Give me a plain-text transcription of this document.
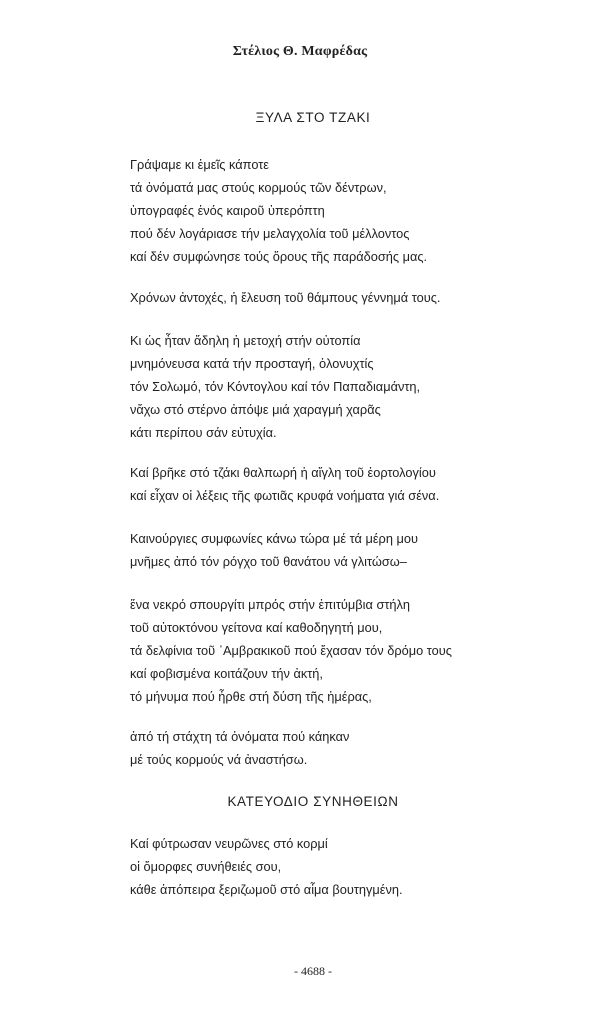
Στέλιος Θ. Μαφρέδας
ΞΥΛΑ ΣΤΟ ΤΖΑΚΙ
Γράψαμε κι ἐμεῖς κάποτε
τά ὀνόματά μας στούς κορμούς τῶν δέντρων,
ὑπογραφές ἑνός καιροῦ ὑπερόπτη
πού δέν λογάριασε τήν μελαγχολία τοῦ μέλλοντος
καί δέν συμφώνησε τούς ὅρους τῆς παράδοσής μας.
Χρόνων ἀντοχές, ἡ ἔλευση τοῦ θάμπους γέννημά τους.
Κι ὡς ἦταν ἄδηλη ἡ μετοχή στήν οὐτοπία
μνημόνευσα κατά τήν προσταγή, ὁλονυχτίς
τόν Σολωμό, τόν Κόντογλου καί τόν Παπαδιαμάντη,
νἄχω στό στέρνο ἀπόψε μιά χαραγμή χαρᾶς
κάτι περίπου σάν εὐτυχία.
Καί βρῆκε στό τζάκι θαλπωρή ἡ αἴγλη τοῦ ἑορτολογίου
καί εἶχαν οἱ λέξεις τῆς φωτιᾶς κρυφά νοήματα γιά σένα.
Καινούργιες συμφωνίες κάνω τώρα μέ τά μέρη μου
μνῆμες ἀπό τόν ρόγχο τοῦ θανάτου νά γλιτώσω–
ἕνα νεκρό σπουργίτι μπρός στήν ἐπιτύμβια στήλη
τοῦ αὐτοκτόνου γείτονα καί καθοδηγητή μου,
τά δελφίνια τοῦ ᾿Αμβρακικοῦ πού ἔχασαν τόν δρόμο τους
καί φοβισμένα κοιτάζουν τήν ἀκτή,
τό μήνυμα πού ἦρθε στή δύση τῆς ἡμέρας,
ἀπό τή στάχτη τά ὀνόματα πού κάηκαν
μέ τούς κορμούς νά ἀναστήσω.
ΚΑΤΕΥΟΔΙΟ ΣΥΝΗΘΕΙΩΝ
Καί φύτρωσαν νευρῶνες στό κορμί
οἱ ὄμορφες συνήθειές σου,
κάθε ἀπόπειρα ξεριζωμοῦ στό αἷμα βουτηγμένη.
- 4688 -
